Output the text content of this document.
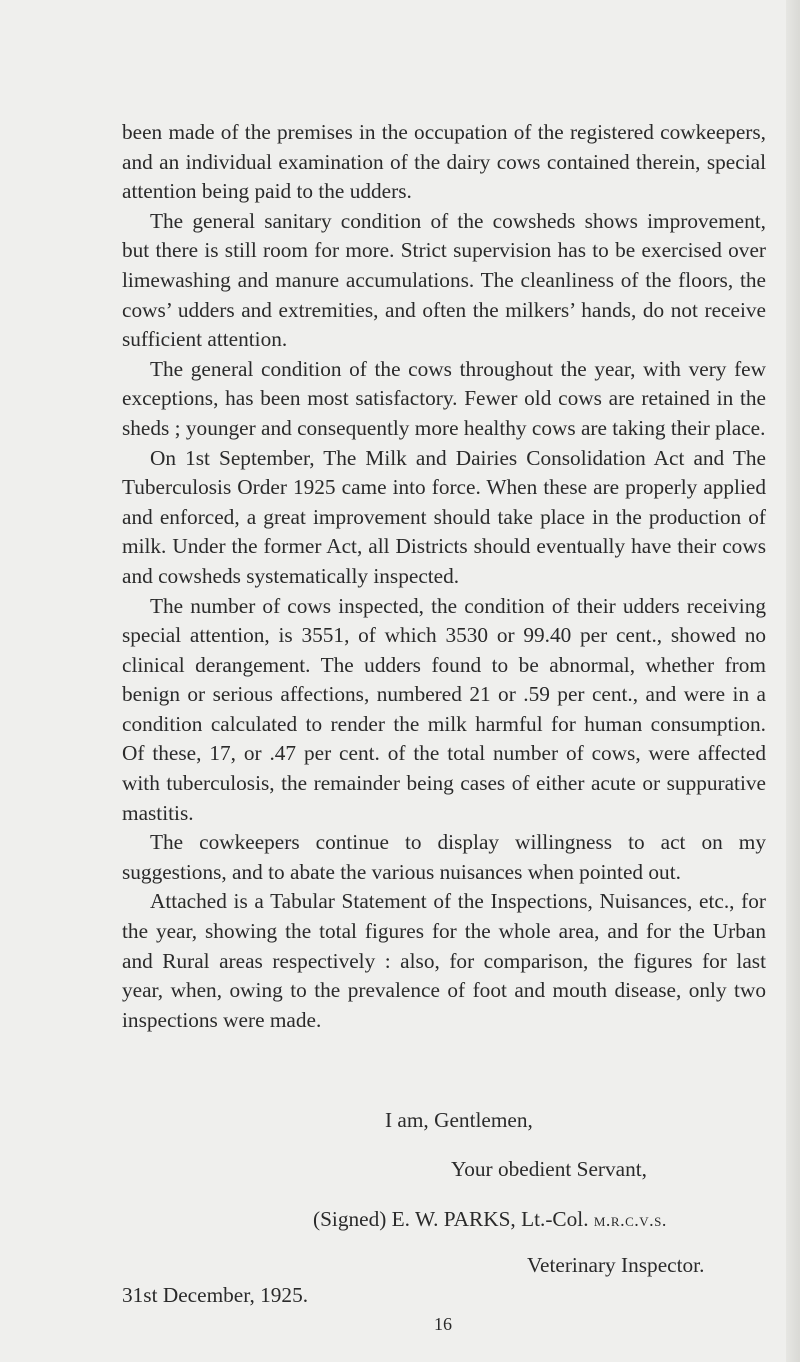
been made of the premises in the occupation of the registered cowkeepers, and an individual examination of the dairy cows contained therein, special attention being paid to the udders.

The general sanitary condition of the cowsheds shows improvement, but there is still room for more. Strict supervision has to be exercised over limewashing and manure accumulations. The cleanliness of the floors, the cows’ udders and extremities, and often the milkers’ hands, do not receive sufficient attention.

The general condition of the cows throughout the year, with very few exceptions, has been most satisfactory. Fewer old cows are retained in the sheds ; younger and consequently more healthy cows are taking their place.

On 1st September, The Milk and Dairies Consolidation Act and The Tuberculosis Order 1925 came into force. When these are properly applied and enforced, a great improvement should take place in the production of milk. Under the former Act, all Districts should eventually have their cows and cowsheds systematically inspected.

The number of cows inspected, the condition of their udders receiving special attention, is 3551, of which 3530 or 99.40 per cent., showed no clinical derangement. The udders found to be abnormal, whether from benign or serious affections, numbered 21 or .59 per cent., and were in a condition calculated to render the milk harmful for human consumption. Of these, 17, or .47 per cent. of the total number of cows, were affected with tuberculosis, the remainder being cases of either acute or suppurative mastitis.

The cowkeepers continue to display willingness to act on my suggestions, and to abate the various nuisances when pointed out.

Attached is a Tabular Statement of the Inspections, Nuisances, etc., for the year, showing the total figures for the whole area, and for the Urban and Rural areas respectively : also, for comparison, the figures for last year, when, owing to the prevalence of foot and mouth disease, only two inspections were made.

I am, Gentlemen,
Your obedient Servant,
(Signed) E. W. PARKS, Lt.-Col. m.r.c.v.s.
Veterinary Inspector.
31st December, 1925.
16
